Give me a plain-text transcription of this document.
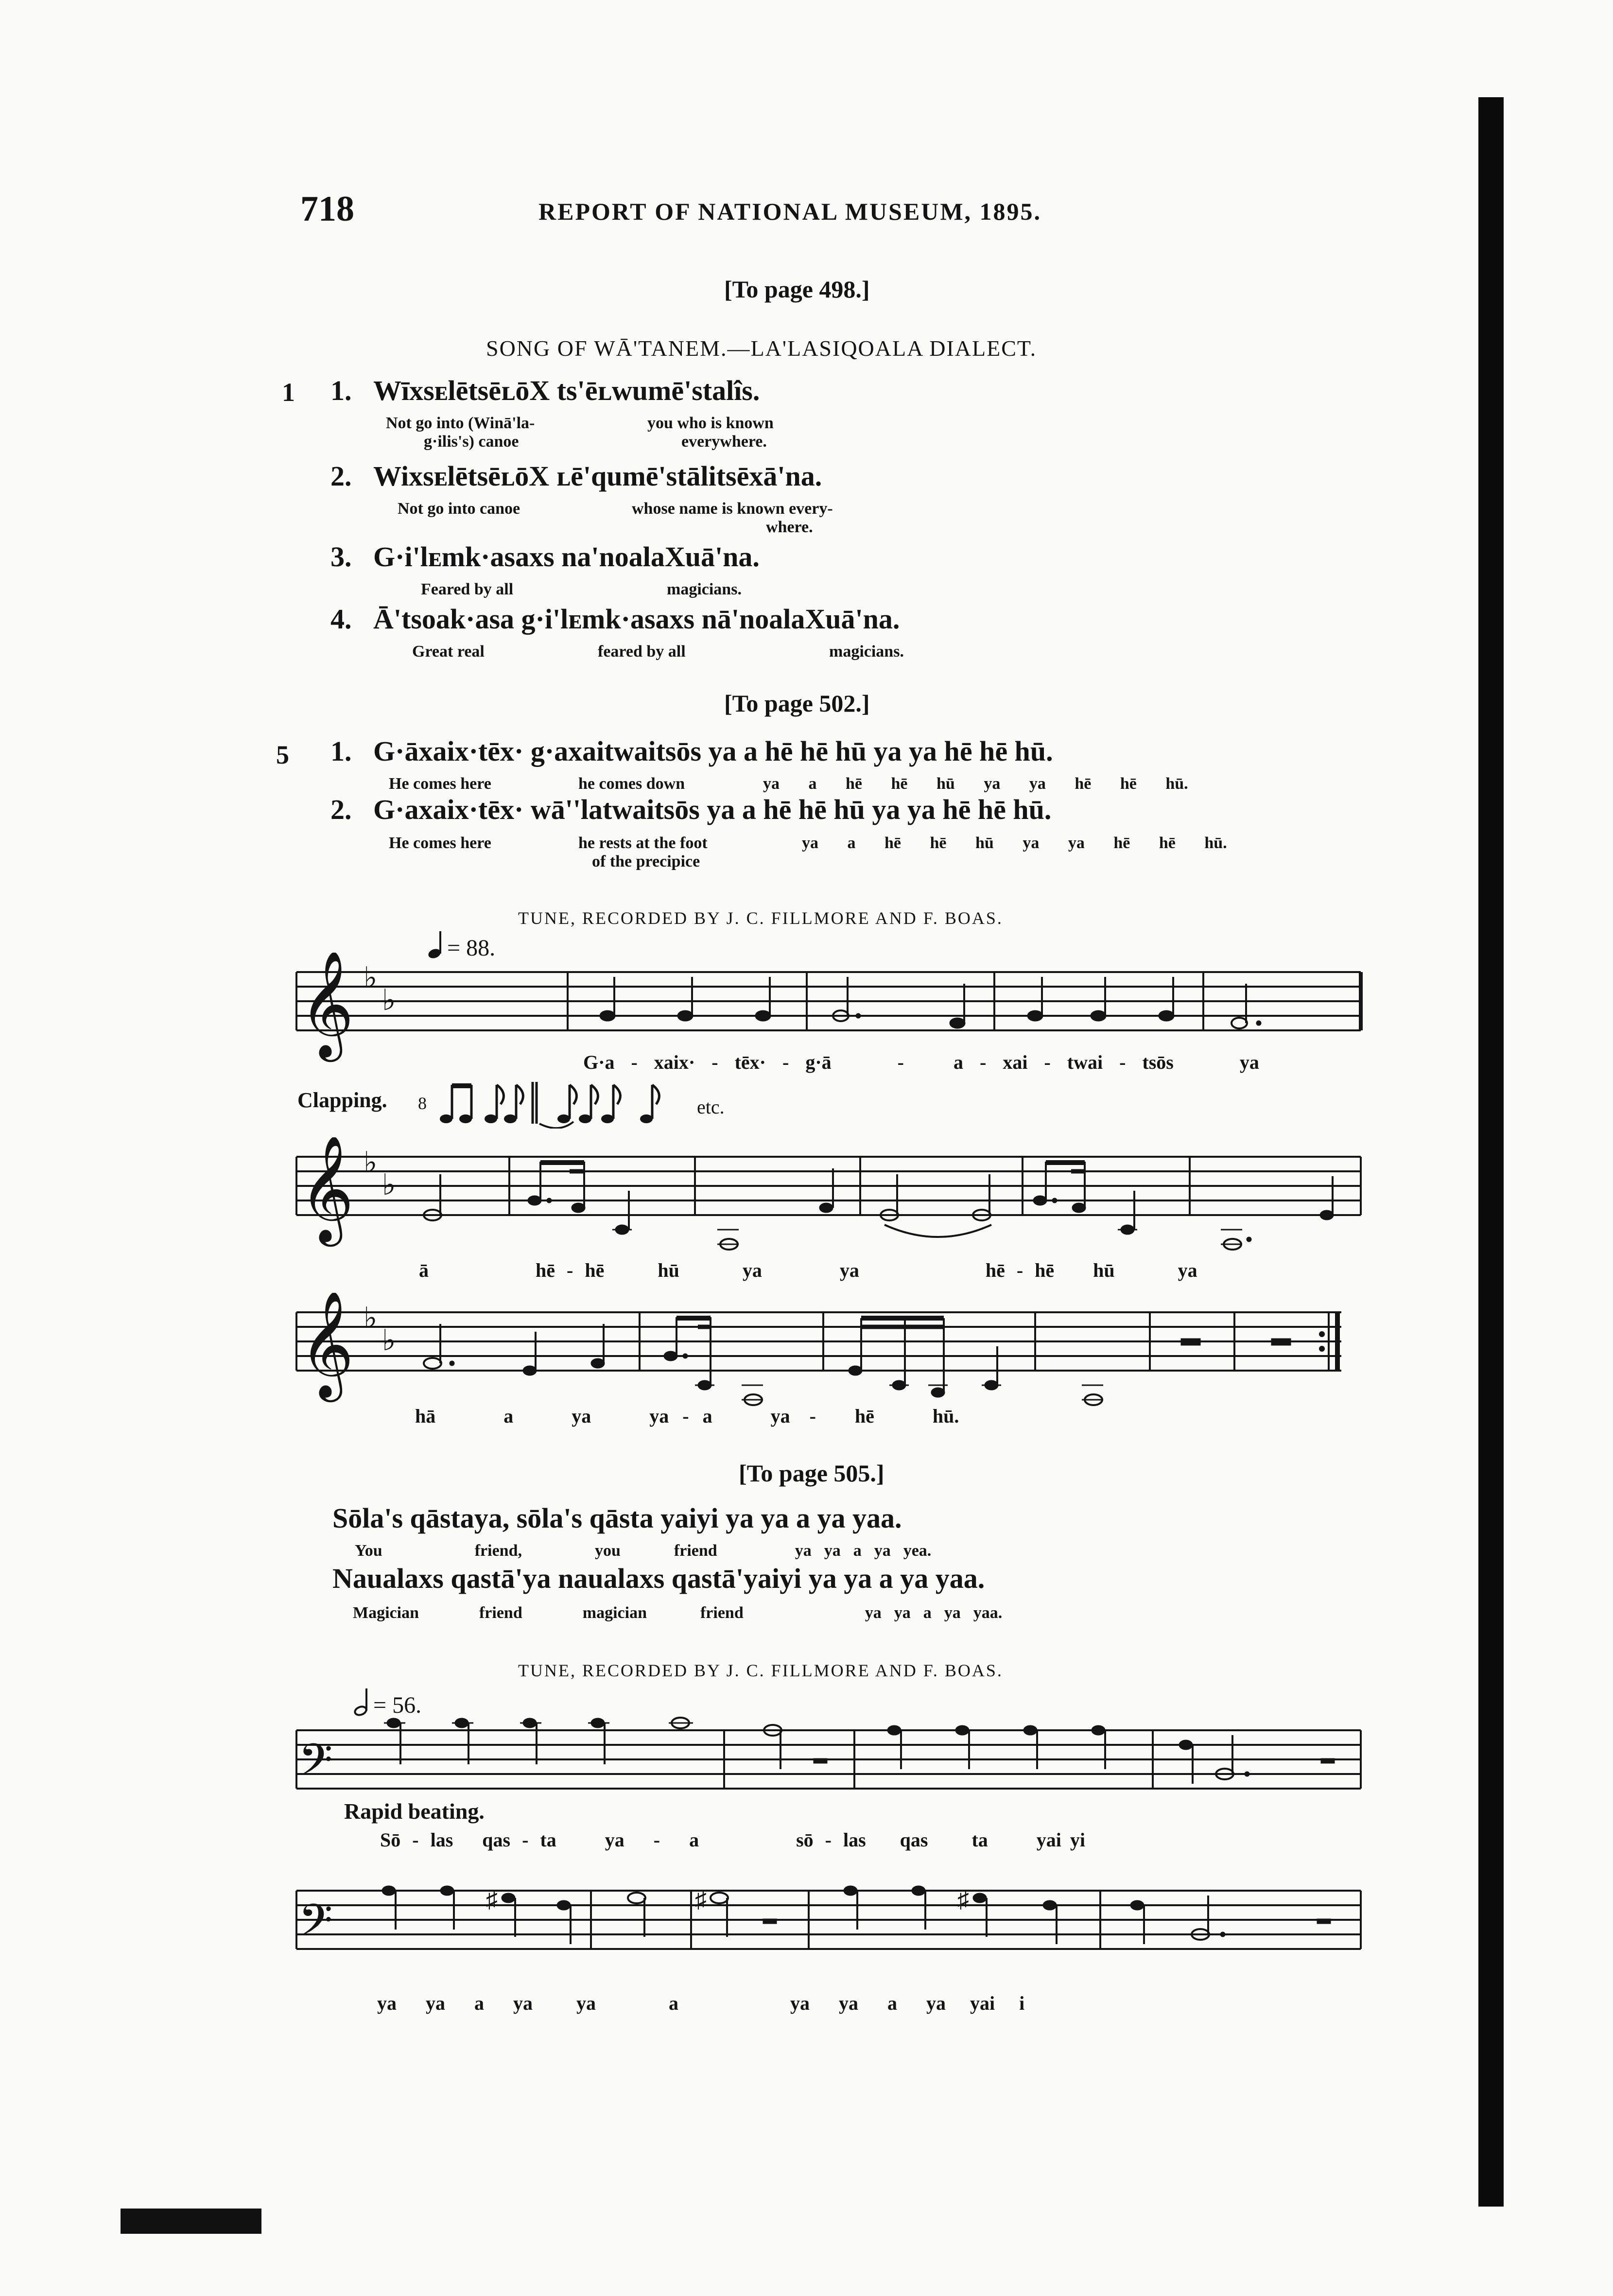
718	REPORT OF NATIONAL MUSEUM, 1895.
[To page 498.]
SONG OF WĀ'TANEM.—LA'LASIQOALA DIALECT.
1 1. WīxsᴇlētsēʟōX ts'ēʟwumē'stalîs.
Not go into (Winā'la-
g·ilis's) canoe
you who is known
everywhere.
2. WixsᴇlētsēʟōX ʟē'qumē'stālitsēxā'na.
Not go into canoe	whose name is known every-
where.
3. G·i'lᴇmk·asaxs na'noalaXuā'na.
Feared by all	magicians.
4. Ā'tsoak·asa g·i'lᴇmk·asaxs nā'noalaXuā'na.
Great real	feared by all	magicians.
[To page 502.]
5 1. G·āxaix·tēx· g·axaitwaitsōs ya a hē hē hū ya ya hē hē hū.
He comes here	he comes down	ya a hē hē hū ya ya hē hē hū.
2. G·axaix·tēx· wā''latwaitsōs ya a hē hē hū ya ya hē hē hū.
He comes here	he rests at the foot
of the precipice
ya a hē hē hū ya ya hē hē hū.
TUNE, RECORDED BY J. C. FILLMORE AND F. BOAS.
= 88.
𝄞 ♭
♭
G·a - xaix· - tēx· - g·ā	-	a - xai - twai - tsōs	ya
Clapping. 8	etc.
𝄞 ♭
♭
ā	hē - hē	hū	ya	ya	hē - hē hū	ya
𝄞 ♭
♭
hā	a	ya	ya - a	ya - hē	hū.
[To page 505.]
Sōla's qāstaya, sōla's qāsta yaiyi ya ya a ya yaa.
You	friend,	you	friend	ya ya a ya yea.
Naualaxs qastā'ya naualaxs qastā'yaiyi ya ya a ya yaa.
Magician	friend	magician	friend	ya ya a ya yaa.
TUNE, RECORDED BY J. C. FILLMORE AND F. BOAS.
= 56.
𝄢
Rapid beating.
Sō - las qas - ta	ya - a	sō - las qas ta	yai yi
𝄢	♯	♯	♯
ya ya a ya ya	a	ya ya a ya yai i
